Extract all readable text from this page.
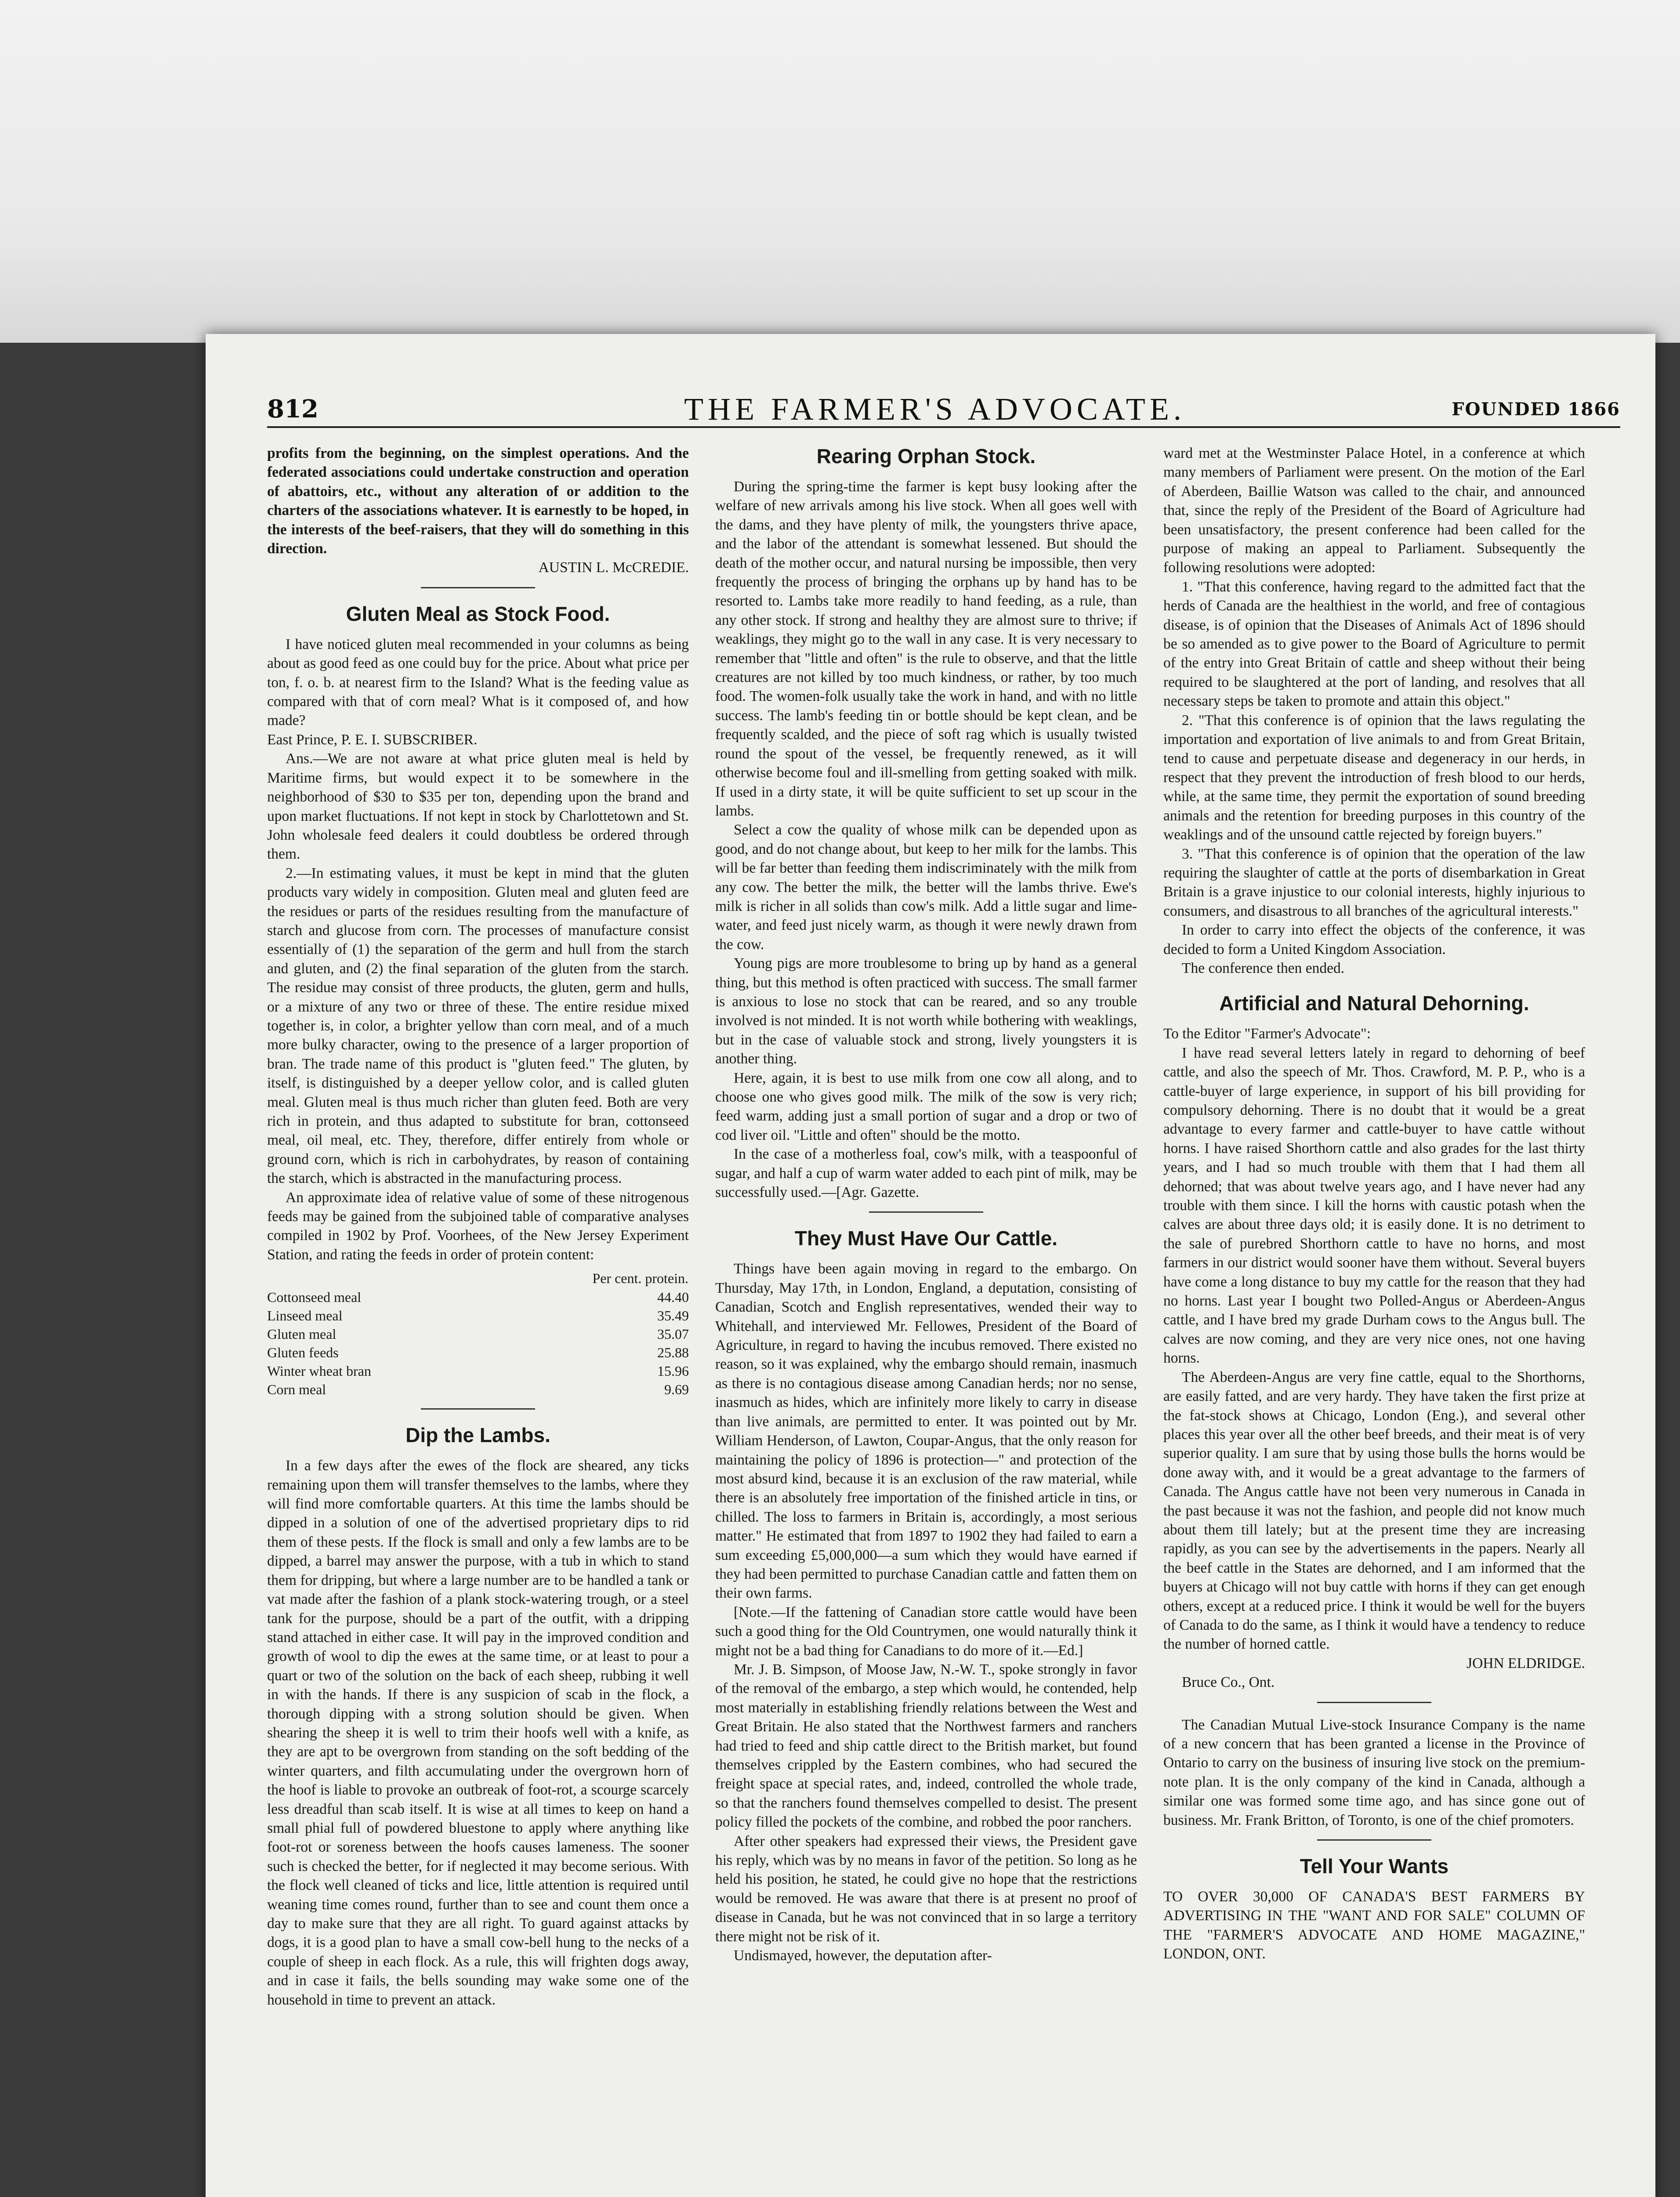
812	THE FARMER'S ADVOCATE.	FOUNDED 1866

profits from the beginning, on the simplest operations. And the federated associations could undertake construction and operation of abattoirs, etc., without any alteration of or addition to the charters of the associations whatever. It is earnestly to be hoped, in the interests of the beef-raisers, that they will do something in this direction.

AUSTIN L. McCREDIE.

Gluten Meal as Stock Food.

I have noticed gluten meal recommended in your columns as being about as good feed as one could buy for the price. About what price per ton, f. o. b. at nearest firm to the Island? What is the feeding value as compared with that of corn meal? What is it composed of, and how made?

East Prince, P. E. I. SUBSCRIBER.

Ans.—We are not aware at what price gluten meal is held by Maritime firms, but would expect it to be somewhere in the neighborhood of $30 to $35 per ton, depending upon the brand and upon market fluctuations. If not kept in stock by Charlottetown and St. John wholesale feed dealers it could doubtless be ordered through them.

2.—In estimating values, it must be kept in mind that the gluten products vary widely in composition. Gluten meal and gluten feed are the residues or parts of the residues resulting from the manufacture of starch and glucose from corn. The processes of manufacture consist essentially of (1) the separation of the germ and hull from the starch and gluten, and (2) the final separation of the gluten from the starch. The residue may consist of three products, the gluten, germ and hulls, or a mixture of any two or three of these. The entire residue mixed together is, in color, a brighter yellow than corn meal, and of a much more bulky character, owing to the presence of a larger proportion of bran. The trade name of this product is "gluten feed." The gluten, by itself, is distinguished by a deeper yellow color, and is called gluten meal. Gluten meal is thus much richer than gluten feed. Both are very rich in protein, and thus adapted to substitute for bran, cottonseed meal, oil meal, etc. They, therefore, differ entirely from whole or ground corn, which is rich in carbohydrates, by reason of containing the starch, which is abstracted in the manufacturing process.

An approximate idea of relative value of some of these nitrogenous feeds may be gained from the subjoined table of comparative analyses compiled in 1902 by Prof. Voorhees, of the New Jersey Experiment Station, and rating the feeds in order of protein content:

Per cent. protein.	
Cottonseed meal	44.40
Linseed meal	35.49
Gluten meal	35.07
Gluten feeds	25.88
Winter wheat bran	15.96
Corn meal	9.69
Dip the Lambs.

In a few days after the ewes of the flock are sheared, any ticks remaining upon them will transfer themselves to the lambs, where they will find more comfortable quarters. At this time the lambs should be dipped in a solution of one of the advertised proprietary dips to rid them of these pests. If the flock is small and only a few lambs are to be dipped, a barrel may answer the purpose, with a tub in which to stand them for dripping, but where a large number are to be handled a tank or vat made after the fashion of a plank stock-watering trough, or a steel tank for the purpose, should be a part of the outfit, with a dripping stand attached in either case. It will pay in the improved condition and growth of wool to dip the ewes at the same time, or at least to pour a quart or two of the solution on the back of each sheep, rubbing it well in with the hands. If there is any suspicion of scab in the flock, a thorough dipping with a strong solution should be given. When shearing the sheep it is well to trim their hoofs well with a knife, as they are apt to be overgrown from standing on the soft bedding of the winter quarters, and filth accumulating under the overgrown horn of the hoof is liable to provoke an outbreak of foot-rot, a scourge scarcely less dreadful than scab itself. It is wise at all times to keep on hand a small phial full of powdered bluestone to apply where anything like foot-rot or soreness between the hoofs causes lameness. The sooner such is checked the better, for if neglected it may become serious. With the flock well cleaned of ticks and lice, little attention is required until weaning time comes round, further than to see and count them once a day to make sure that they are all right. To guard against attacks by dogs, it is a good plan to have a small cow-bell hung to the necks of a couple of sheep in each flock. As a rule, this will frighten dogs away, and in case it fails, the bells sounding may wake some one of the household in time to prevent an attack.

Rearing Orphan Stock.

During the spring-time the farmer is kept busy looking after the welfare of new arrivals among his live stock. When all goes well with the dams, and they have plenty of milk, the youngsters thrive apace, and the labor of the attendant is somewhat lessened. But should the death of the mother occur, and natural nursing be impossible, then very frequently the process of bringing the orphans up by hand has to be resorted to. Lambs take more readily to hand feeding, as a rule, than any other stock. If strong and healthy they are almost sure to thrive; if weaklings, they might go to the wall in any case. It is very necessary to remember that "little and often" is the rule to observe, and that the little creatures are not killed by too much kindness, or rather, by too much food. The women-folk usually take the work in hand, and with no little success. The lamb's feeding tin or bottle should be kept clean, and be frequently scalded, and the piece of soft rag which is usually twisted round the spout of the vessel, be frequently renewed, as it will otherwise become foul and ill-smelling from getting soaked with milk. If used in a dirty state, it will be quite sufficient to set up scour in the lambs.

Select a cow the quality of whose milk can be depended upon as good, and do not change about, but keep to her milk for the lambs. This will be far better than feeding them indiscriminately with the milk from any cow. The better the milk, the better will the lambs thrive. Ewe's milk is richer in all solids than cow's milk. Add a little sugar and lime-water, and feed just nicely warm, as though it were newly drawn from the cow.

Young pigs are more troublesome to bring up by hand as a general thing, but this method is often practiced with success. The small farmer is anxious to lose no stock that can be reared, and so any trouble involved is not minded. It is not worth while bothering with weaklings, but in the case of valuable stock and strong, lively youngsters it is another thing.

Here, again, it is best to use milk from one cow all along, and to choose one who gives good milk. The milk of the sow is very rich; feed warm, adding just a small portion of sugar and a drop or two of cod liver oil. "Little and often" should be the motto.

In the case of a motherless foal, cow's milk, with a teaspoonful of sugar, and half a cup of warm water added to each pint of milk, may be successfully used.—[Agr. Gazette.

They Must Have Our Cattle.

Things have been again moving in regard to the embargo. On Thursday, May 17th, in London, England, a deputation, consisting of Canadian, Scotch and English representatives, wended their way to Whitehall, and interviewed Mr. Fellowes, President of the Board of Agriculture, in regard to having the incubus removed. There existed no reason, so it was explained, why the embargo should remain, inasmuch as there is no contagious disease among Canadian herds; nor no sense, inasmuch as hides, which are infinitely more likely to carry in disease than live animals, are permitted to enter. It was pointed out by Mr. William Henderson, of Lawton, Coupar-Angus, that the only reason for maintaining the policy of 1896 is protection—" and protection of the most absurd kind, because it is an exclusion of the raw material, while there is an absolutely free importation of the finished article in tins, or chilled. The loss to farmers in Britain is, accordingly, a most serious matter." He estimated that from 1897 to 1902 they had failed to earn a sum exceeding £5,000,000—a sum which they would have earned if they had been permitted to purchase Canadian cattle and fatten them on their own farms.

[Note.—If the fattening of Canadian store cattle would have been such a good thing for the Old Countrymen, one would naturally think it might not be a bad thing for Canadians to do more of it.—Ed.]

Mr. J. B. Simpson, of Moose Jaw, N.-W. T., spoke strongly in favor of the removal of the embargo, a step which would, he contended, help most materially in establishing friendly relations between the West and Great Britain. He also stated that the Northwest farmers and ranchers had tried to feed and ship cattle direct to the British market, but found themselves crippled by the Eastern combines, who had secured the freight space at special rates, and, indeed, controlled the whole trade, so that the ranchers found themselves compelled to desist. The present policy filled the pockets of the combine, and robbed the poor ranchers.

After other speakers had expressed their views, the President gave his reply, which was by no means in favor of the petition. So long as he held his position, he stated, he could give no hope that the restrictions would be removed. He was aware that there is at present no proof of disease in Canada, but he was not convinced that in so large a territory there might not be risk of it.

Undismayed, however, the deputation after-

ward met at the Westminster Palace Hotel, in a conference at which many members of Parliament were present. On the motion of the Earl of Aberdeen, Baillie Watson was called to the chair, and announced that, since the reply of the President of the Board of Agriculture had been unsatisfactory, the present conference had been called for the purpose of making an appeal to Parliament. Subsequently the following resolutions were adopted:

1. "That this conference, having regard to the admitted fact that the herds of Canada are the healthiest in the world, and free of contagious disease, is of opinion that the Diseases of Animals Act of 1896 should be so amended as to give power to the Board of Agriculture to permit of the entry into Great Britain of cattle and sheep without their being required to be slaughtered at the port of landing, and resolves that all necessary steps be taken to promote and attain this object."

2. "That this conference is of opinion that the laws regulating the importation and exportation of live animals to and from Great Britain, tend to cause and perpetuate disease and degeneracy in our herds, in respect that they prevent the introduction of fresh blood to our herds, while, at the same time, they permit the exportation of sound breeding animals and the retention for breeding purposes in this country of the weaklings and of the unsound cattle rejected by foreign buyers."

3. "That this conference is of opinion that the operation of the law requiring the slaughter of cattle at the ports of disembarkation in Great Britain is a grave injustice to our colonial interests, highly injurious to consumers, and disastrous to all branches of the agricultural interests."

In order to carry into effect the objects of the conference, it was decided to form a United Kingdom Association.

The conference then ended.

Artificial and Natural Dehorning.

To the Editor "Farmer's Advocate":

I have read several letters lately in regard to dehorning of beef cattle, and also the speech of Mr. Thos. Crawford, M. P. P., who is a cattle-buyer of large experience, in support of his bill providing for compulsory dehorning. There is no doubt that it would be a great advantage to every farmer and cattle-buyer to have cattle without horns. I have raised Shorthorn cattle and also grades for the last thirty years, and I had so much trouble with them that I had them all dehorned; that was about twelve years ago, and I have never had any trouble with them since. I kill the horns with caustic potash when the calves are about three days old; it is easily done. It is no detriment to the sale of purebred Shorthorn cattle to have no horns, and most farmers in our district would sooner have them without. Several buyers have come a long distance to buy my cattle for the reason that they had no horns. Last year I bought two Polled-Angus or Aberdeen-Angus cattle, and I have bred my grade Durham cows to the Angus bull. The calves are now coming, and they are very nice ones, not one having horns.

The Aberdeen-Angus are very fine cattle, equal to the Shorthorns, are easily fatted, and are very hardy. They have taken the first prize at the fat-stock shows at Chicago, London (Eng.), and several other places this year over all the other beef breeds, and their meat is of very superior quality. I am sure that by using those bulls the horns would be done away with, and it would be a great advantage to the farmers of Canada. The Angus cattle have not been very numerous in Canada in the past because it was not the fashion, and people did not know much about them till lately; but at the present time they are increasing rapidly, as you can see by the advertisements in the papers. Nearly all the beef cattle in the States are dehorned, and I am informed that the buyers at Chicago will not buy cattle with horns if they can get enough others, except at a reduced price. I think it would be well for the buyers of Canada to do the same, as I think it would have a tendency to reduce the number of horned cattle.

JOHN ELDRIDGE.

Bruce Co., Ont.

The Canadian Mutual Live-stock Insurance Company is the name of a new concern that has been granted a license in the Province of Ontario to carry on the business of insuring live stock on the premium-note plan. It is the only company of the kind in Canada, although a similar one was formed some time ago, and has since gone out of business. Mr. Frank Britton, of Toronto, is one of the chief promoters.

Tell Your Wants

TO OVER 30,000 OF CANADA'S BEST FARMERS BY ADVERTISING IN THE "WANT AND FOR SALE" COLUMN OF THE "FARMER'S ADVOCATE AND HOME MAGAZINE," LONDON, ONT.
